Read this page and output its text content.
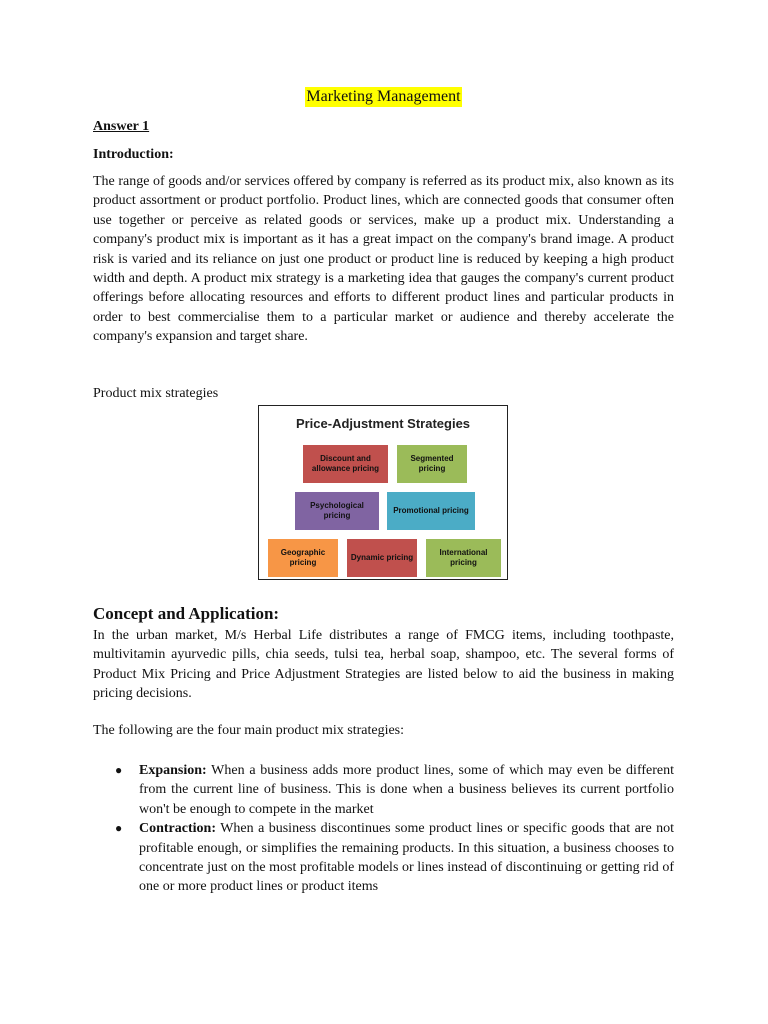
Marketing Management
Answer 1
Introduction:

The range of goods and/or services offered by company is referred as its product mix, also known as its product assortment or product portfolio. Product lines, which are connected goods that consumer often use together or perceive as related goods or services, make up a product mix. Understanding a company's product mix is important as it has a great impact on the company's brand image. A product risk is varied and its reliance on just one product or product line is reduced by keeping a high product width and depth. A product mix strategy is a marketing idea that gauges the company's current product offerings before allocating resources and efforts to different product lines and particular products in order to best commercialise them to a particular market or audience and thereby accelerate the company's expansion and target share.

Product mix strategies
Price-Adjustment Strategies
Discount and allowance pricing
Segmented pricing
Psychological pricing
Promotional pricing
Geographic pricing
Dynamic pricing
International pricing
Concept and Application:

In the urban market, M/s Herbal Life distributes a range of FMCG items, including toothpaste, multivitamin ayurvedic pills, chia seeds, tulsi tea, herbal soap, shampoo, etc. The several forms of Product Mix Pricing and Price Adjustment Strategies are listed below to aid the business in making pricing decisions.

The following are the four main product mix strategies:
● Expansion: When a business adds more product lines, some of which may even be different from the current line of business. This is done when a business believes its current portfolio won't be enough to compete in the market
● Contraction: When a business discontinues some product lines or specific goods that are not profitable enough, or simplifies the remaining products. In this situation, a business chooses to concentrate just on the most profitable models or lines instead of discontinuing or getting rid of one or more product lines or product items
